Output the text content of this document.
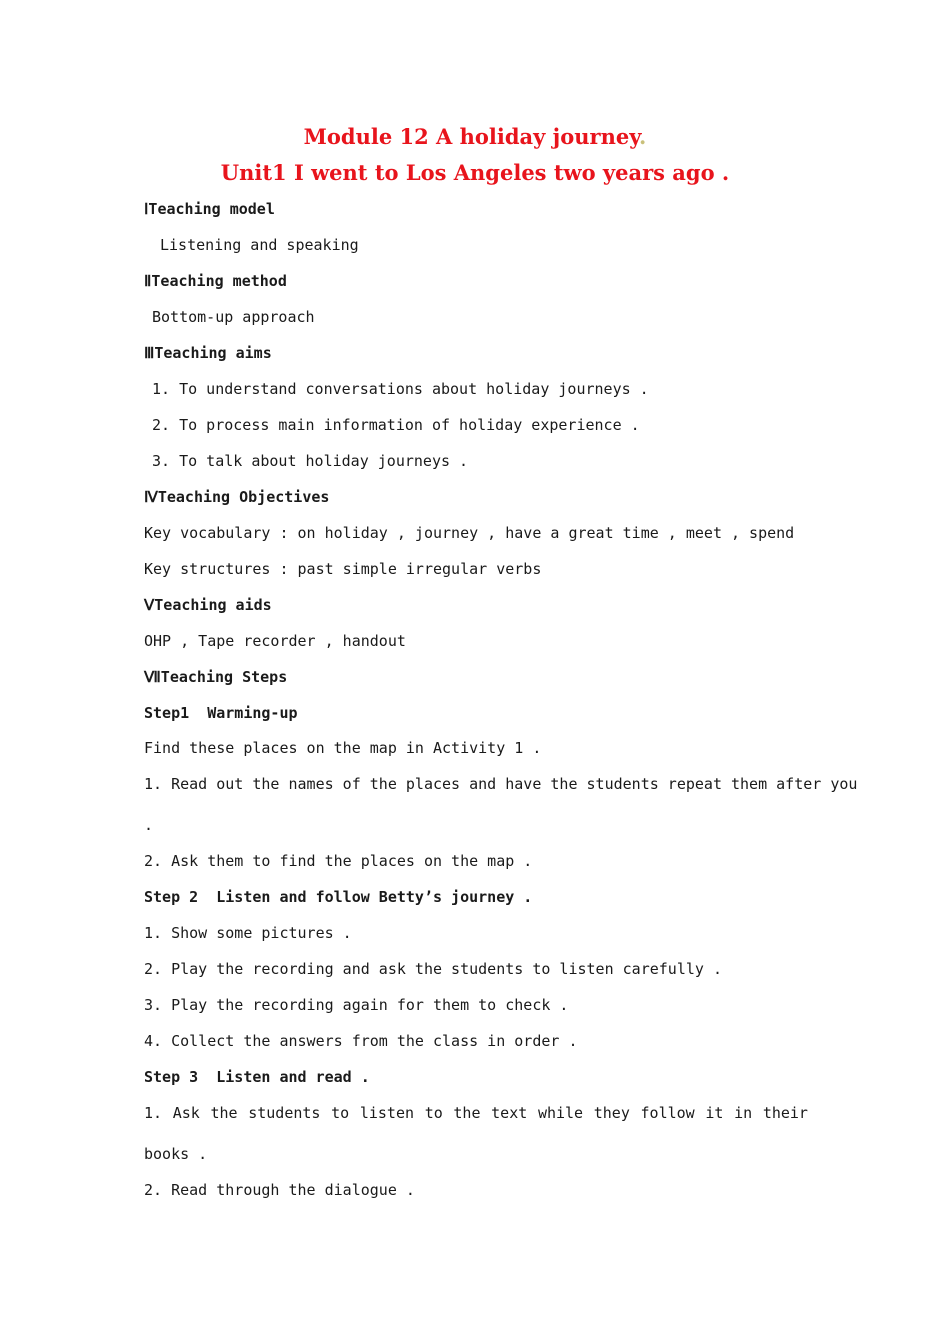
Module 12 A holiday journey.
Unit1 I went to Los Angeles two years ago .
ⅠTeaching model
Listening and speaking
ⅡTeaching method
Bottom-up approach
ⅢTeaching aims
1. To understand conversations about holiday journeys .
2. To process main information of holiday experience .
3. To talk about holiday journeys .
ⅣTeaching Objectives
Key vocabulary : on holiday , journey , have a great time , meet , spend
Key structures : past simple irregular verbs
ⅤTeaching aids
OHP , Tape recorder , handout
ⅦTeaching Steps
Step1  Warming-up
Find these places on the map in Activity 1 .
1. Read out the names of the places and have the students repeat them after you
.
2. Ask them to find the places on the map .
Step 2  Listen and follow Betty’s journey .
1. Show some pictures .
2. Play the recording and ask the students to listen carefully .
3. Play the recording again for them to check .
4. Collect the answers from the class in order .
Step 3  Listen and read .
1. Ask the students to listen to the text while they follow it in their
books .
2. Read through the dialogue .
